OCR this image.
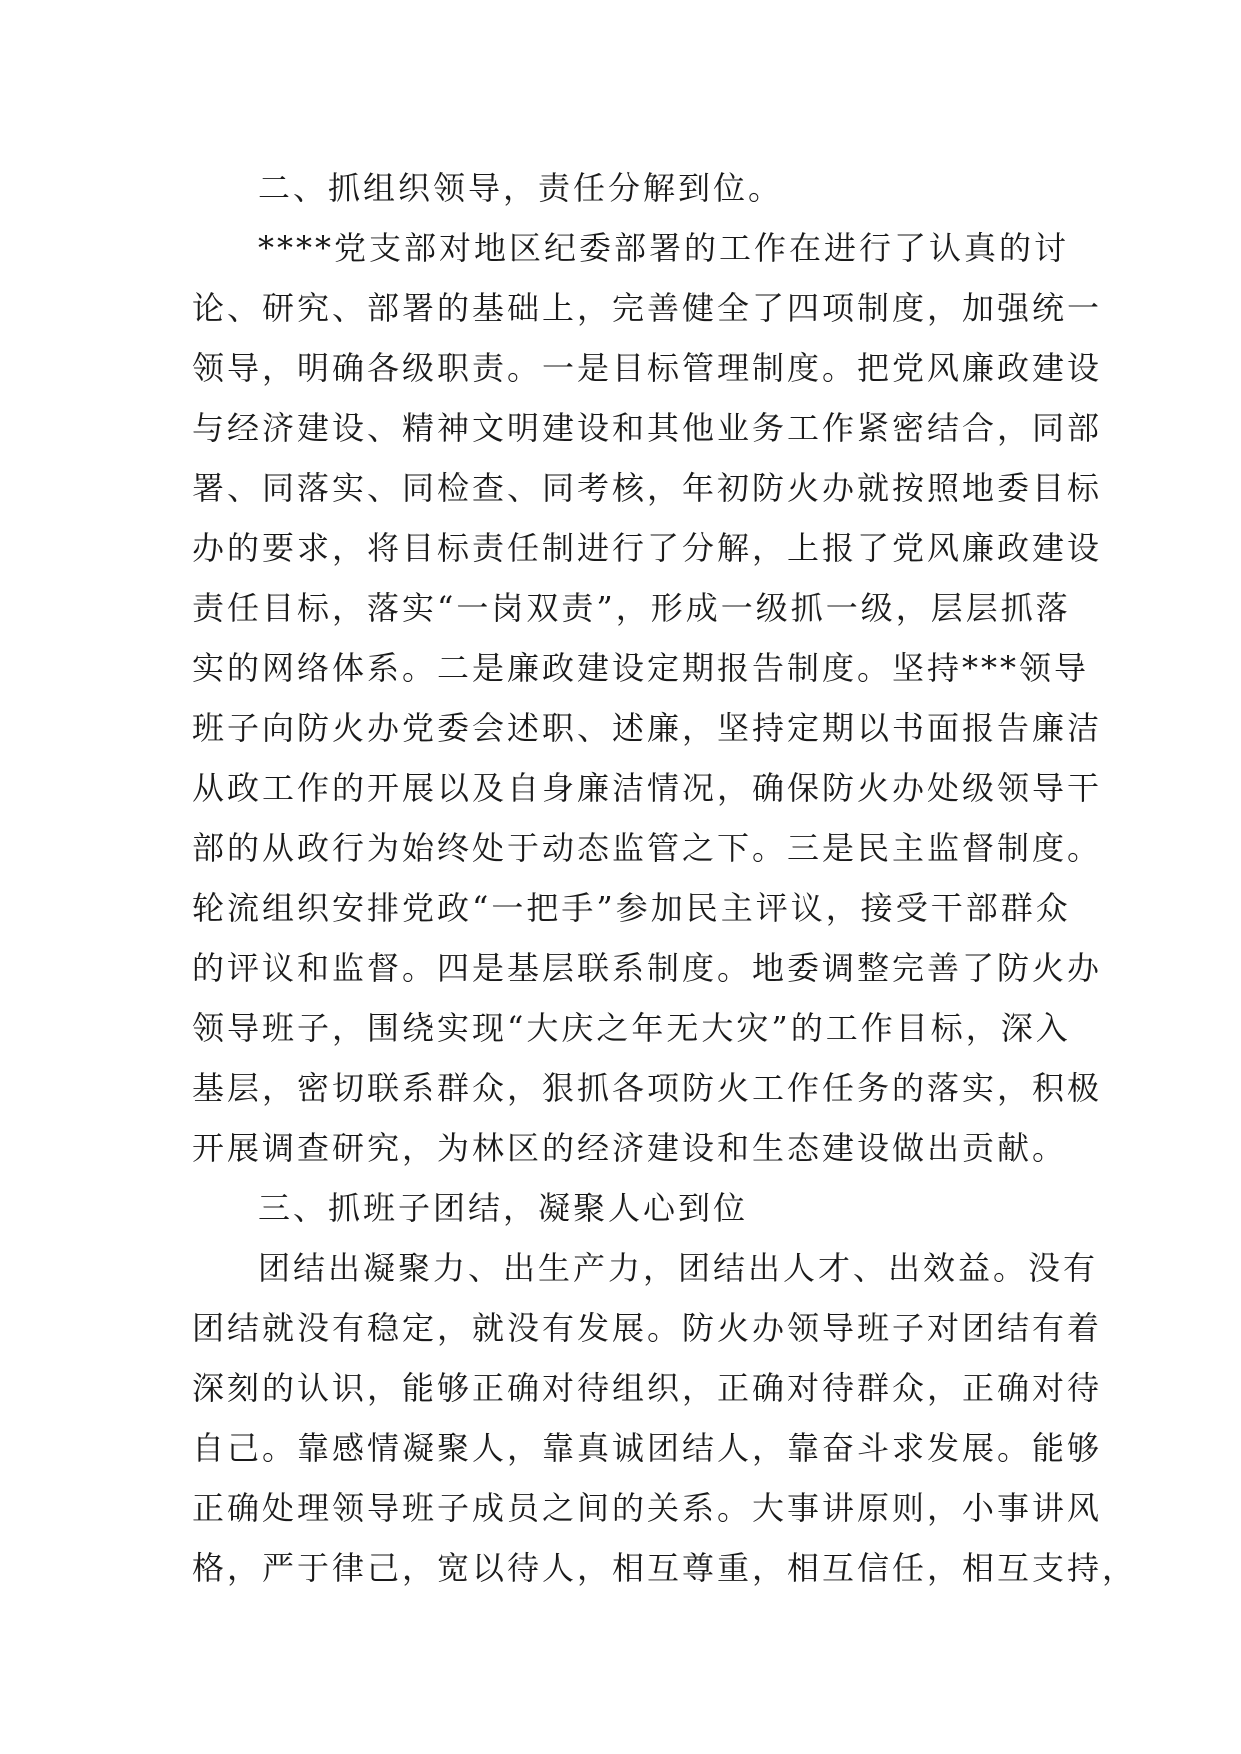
二、抓组织领导，责任分解到位。
****党支部对地区纪委部署的工作在进行了认真的讨
论、研究、部署的基础上，完善健全了四项制度，加强统一
领导，明确各级职责。一是目标管理制度。把党风廉政建设
与经济建设、精神文明建设和其他业务工作紧密结合，同部
署、同落实、同检查、同考核，年初防火办就按照地委目标
办的要求，将目标责任制进行了分解，上报了党风廉政建设
责任目标，落实“一岗双责”，形成一级抓一级，层层抓落
实的网络体系。二是廉政建设定期报告制度。坚持***领导
班子向防火办党委会述职、述廉，坚持定期以书面报告廉洁
从政工作的开展以及自身廉洁情况，确保防火办处级领导干
部的从政行为始终处于动态监管之下。三是民主监督制度。
轮流组织安排党政“一把手”参加民主评议，接受干部群众
的评议和监督。四是基层联系制度。地委调整完善了防火办
领导班子，围绕实现“大庆之年无大灾”的工作目标，深入
基层，密切联系群众，狠抓各项防火工作任务的落实，积极
开展调查研究，为林区的经济建设和生态建设做出贡献。
三、抓班子团结，凝聚人心到位
团结出凝聚力、出生产力，团结出人才、出效益。没有
团结就没有稳定，就没有发展。防火办领导班子对团结有着
深刻的认识，能够正确对待组织，正确对待群众，正确对待
自己。靠感情凝聚人，靠真诚团结人，靠奋斗求发展。能够
正确处理领导班子成员之间的关系。大事讲原则，小事讲风
格，严于律己，宽以待人，相互尊重，相互信任，相互支持，
